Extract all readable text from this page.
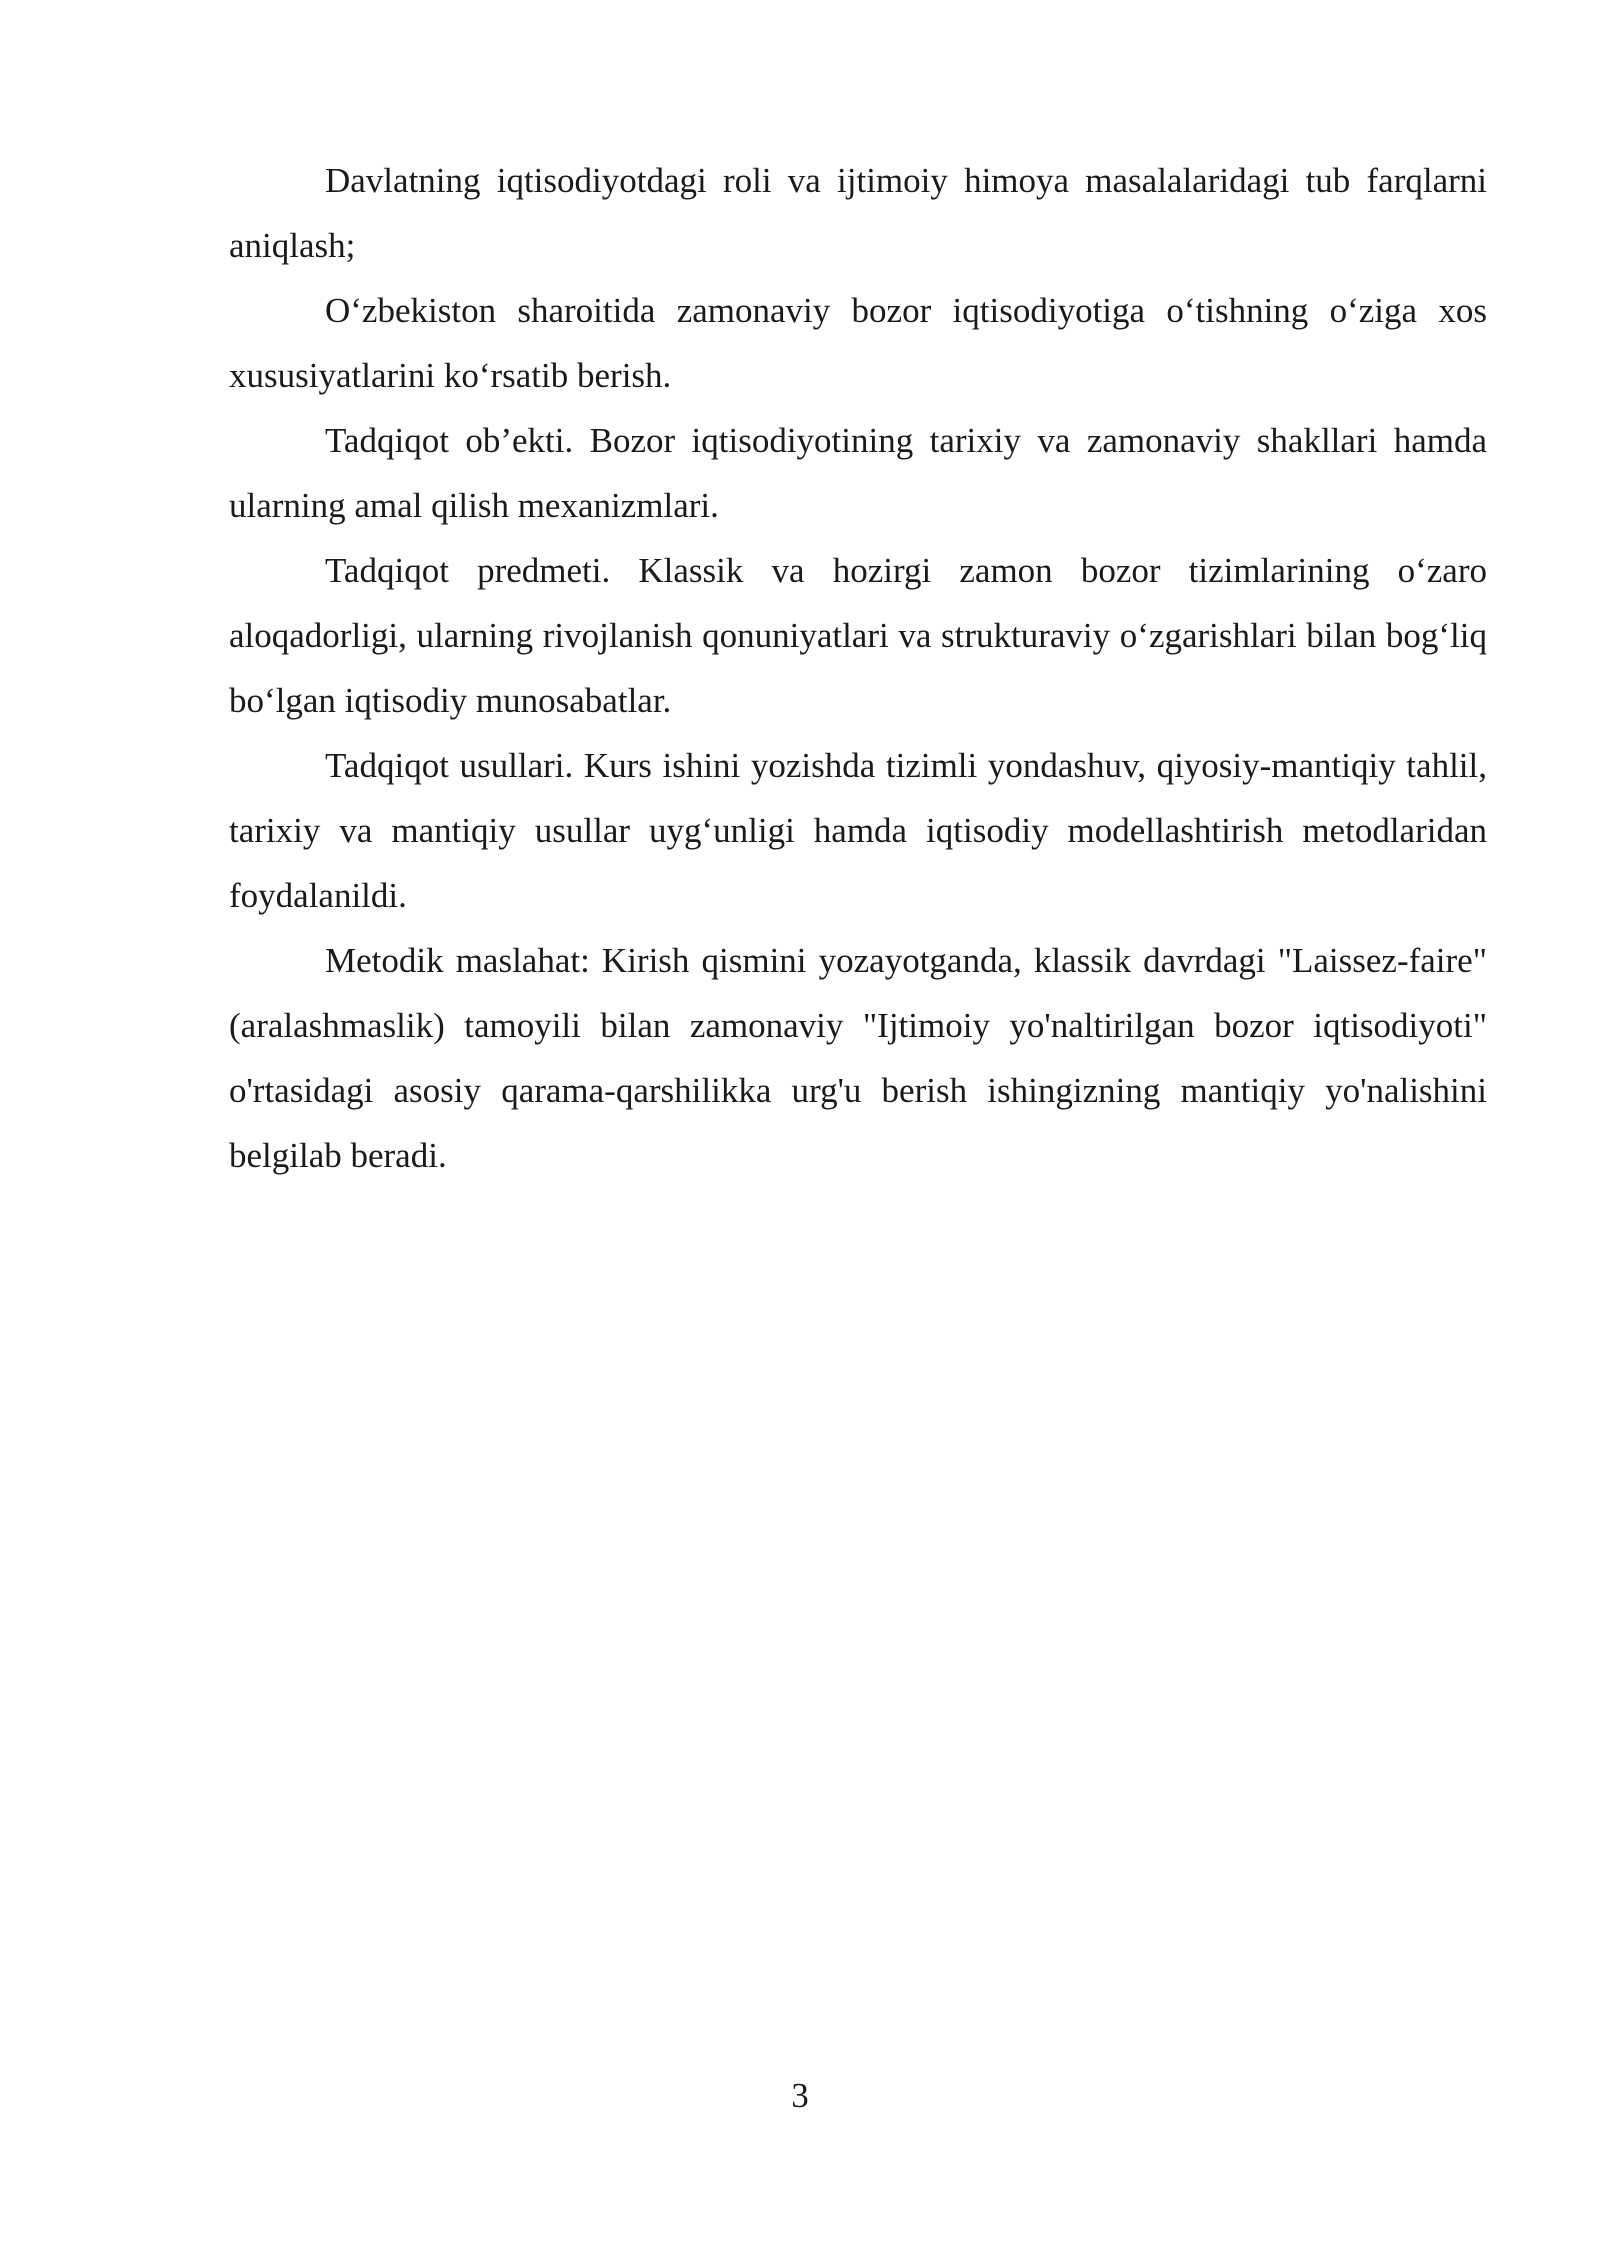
Davlatning iqtisodiyotdagi roli va ijtimoiy himoya masalalaridagi tub farqlarni aniqlash;

O‘zbekiston sharoitida zamonaviy bozor iqtisodiyotiga o‘tishning o‘ziga xos xususiyatlarini ko‘rsatib berish.

Tadqiqot ob’ekti. Bozor iqtisodiyotining tarixiy va zamonaviy shakllari hamda ularning amal qilish mexanizmlari.

Tadqiqot predmeti. Klassik va hozirgi zamon bozor tizimlarining o‘zaro aloqadorligi, ularning rivojlanish qonuniyatlari va strukturaviy o‘zgarishlari bilan bog‘liq bo‘lgan iqtisodiy munosabatlar.

Tadqiqot usullari. Kurs ishini yozishda tizimli yondashuv, qiyosiy-mantiqiy tahlil, tarixiy va mantiqiy usullar uyg‘unligi hamda iqtisodiy modellashtirish metodlaridan foydalanildi.

Metodik maslahat: Kirish qismini yozayotganda, klassik davrdagi "Laissez-faire" (aralashmaslik) tamoyili bilan zamonaviy "Ijtimoiy yo'naltirilgan bozor iqtisodiyoti" o'rtasidagi asosiy qarama-qarshilikka urg'u berish ishingizning mantiqiy yo'nalishini belgilab beradi.

3
